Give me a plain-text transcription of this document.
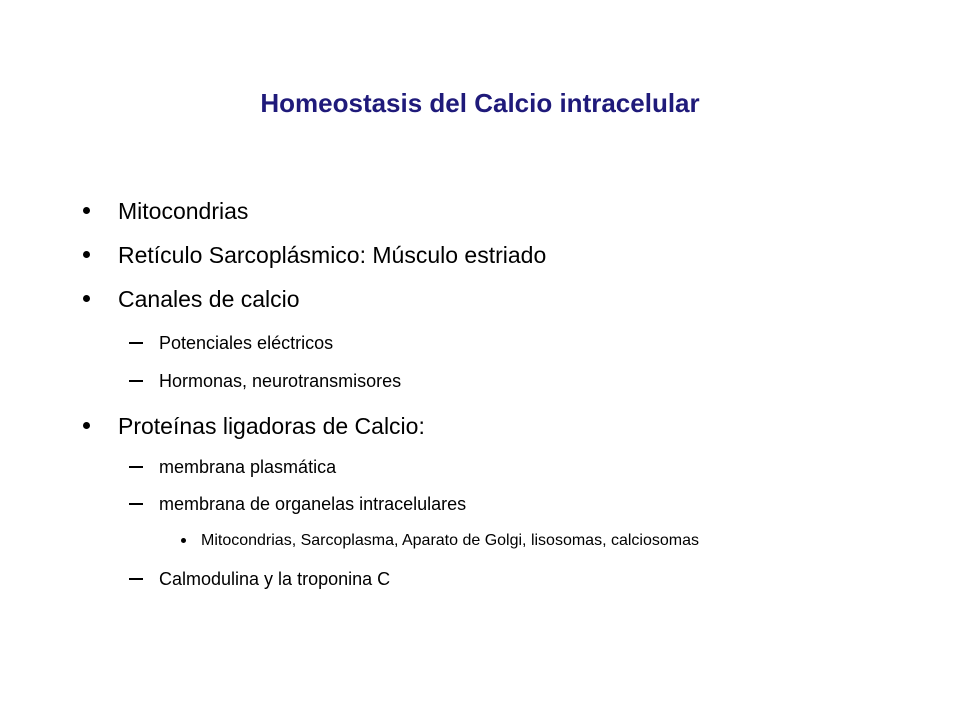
Homeostasis del Calcio intracelular
Mitocondrias
Retículo Sarcoplásmico: Músculo estriado
Canales de calcio
Potenciales eléctricos
Hormonas, neurotransmisores
Proteínas ligadoras de Calcio:
membrana plasmática
membrana de organelas intracelulares
Mitocondrias, Sarcoplasma, Aparato de Golgi, lisosomas, calciosomas
Calmodulina y la troponina C
